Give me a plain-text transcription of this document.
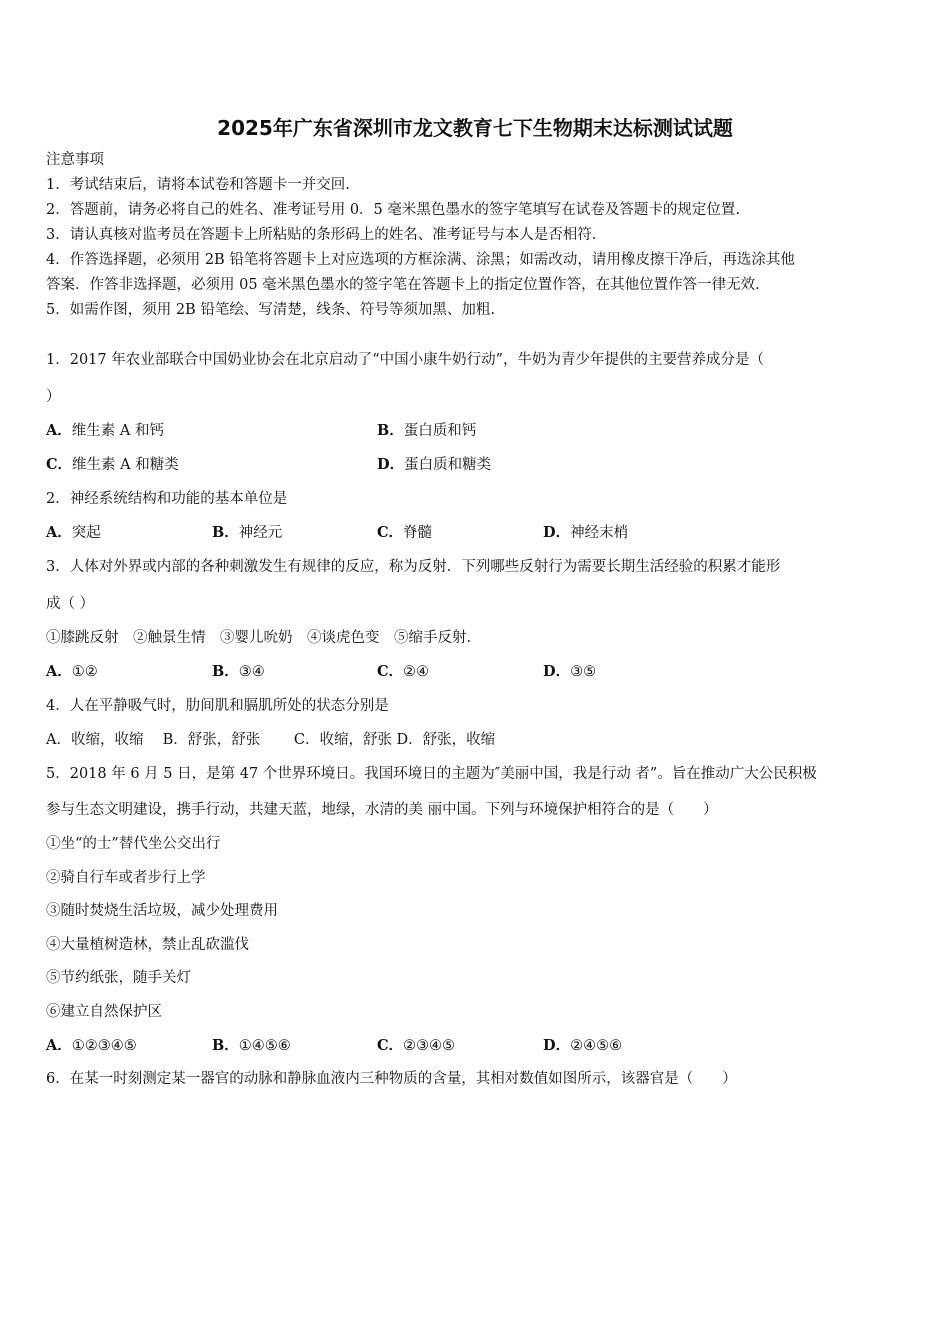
2025年广东省深圳市龙文教育七下生物期末达标测试试题
注意事项
1．考试结束后，请将本试卷和答题卡一并交回.
2．答题前，请务必将自己的姓名、准考证号用 0．5 毫米黑色墨水的签字笔填写在试卷及答题卡的规定位置.
3．请认真核对监考员在答题卡上所粘贴的条形码上的姓名、准考证号与本人是否相符.
4．作答选择题，必须用 2B 铅笔将答题卡上对应选项的方框涂满、涂黑；如需改动，请用橡皮擦干净后，再选涂其他
答案．作答非选择题，必须用 05 毫米黑色墨水的签字笔在答题卡上的指定位置作答，在其他位置作答一律无效.
5．如需作图，须用 2B 铅笔绘、写清楚，线条、符号等须加黑、加粗.
1．2017 年农业部联合中国奶业协会在北京启动了“中国小康牛奶行动”，牛奶为青少年提供的主要营养成分是（
）
A．维生素 A 和钙	B．蛋白质和钙
C．维生素 A 和糖类	D．蛋白质和糖类
2．神经系统结构和功能的基本单位是
A．突起	B．神经元	C．脊髓	D．神经末梢
3．人体对外界或内部的各种刺激发生有规律的反应，称为反射．下列哪些反射行为需要长期生活经验的积累才能形
成（ ）
①膝跳反射　②触景生情　③婴儿吮奶　④谈虎色变　⑤缩手反射.
A．①②	B．③④	C．②④	D．③⑤
4．人在平静吸气时，肋间肌和膈肌所处的状态分别是
A．收缩，收缩　 B．舒张，舒张　　 C．收缩，舒张 D．舒张，收缩
5．2018 年 6 月 5 日，是第 47 个世界环境日。我国环境日的主题为″美丽中国，我是行动 者”。旨在推动广大公民积极
参与生态文明建设，携手行动，共建天蓝，地绿，水清的美 丽中国。下列与环境保护相符合的是（　　）
①坐“的士”替代坐公交出行
②骑自行车或者步行上学
③随时焚烧生活垃圾，减少处理费用
④大量植树造林，禁止乱砍滥伐
⑤节约纸张，随手关灯
⑥建立自然保护区
A．①②③④⑤	B．①④⑤⑥	C．②③④⑤	D．②④⑤⑥
6．在某一时刻测定某一器官的动脉和静脉血液内三种物质的含量，其相对数值如图所示，该器官是（　　）
